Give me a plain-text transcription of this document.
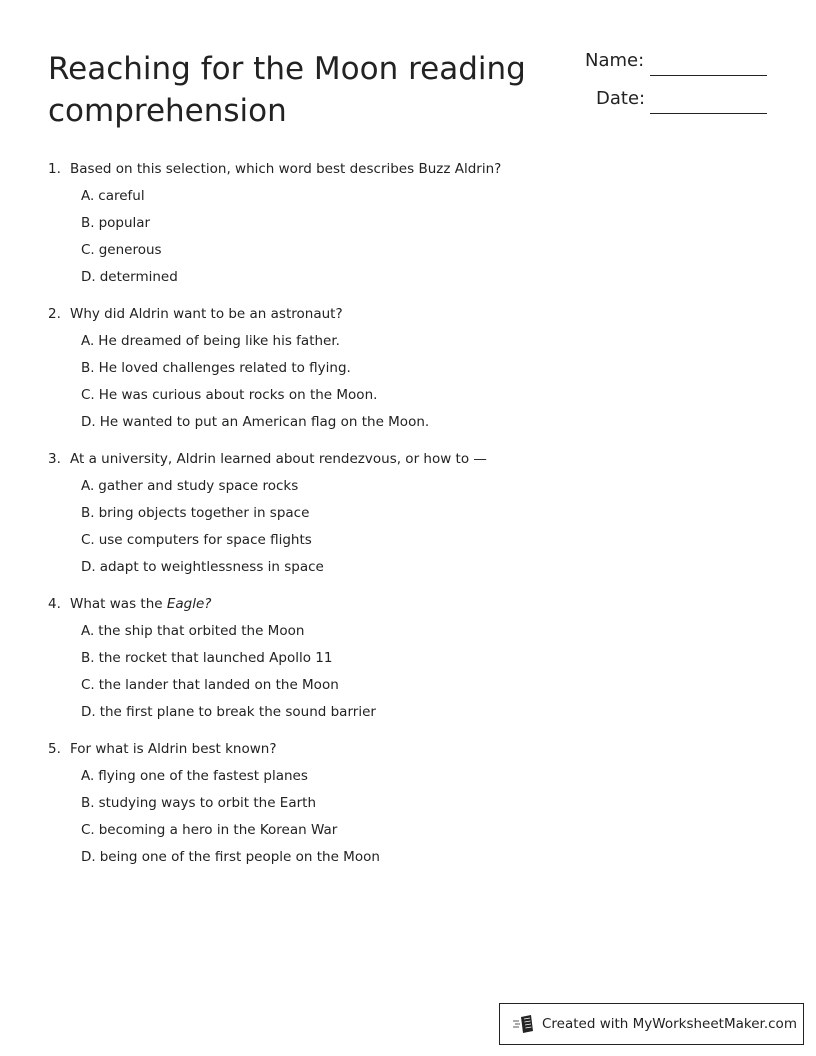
Reaching for the Moon reading comprehension
Name:
Date:
1. Based on this selection, which word best describes Buzz Aldrin?
A. careful
B. popular
C. generous
D. determined
2. Why did Aldrin want to be an astronaut?
A. He dreamed of being like his father.
B. He loved challenges related to flying.
C. He was curious about rocks on the Moon.
D. He wanted to put an American flag on the Moon.
3. At a university, Aldrin learned about rendezvous, or how to —
A. gather and study space rocks
B. bring objects together in space
C. use computers for space flights
D. adapt to weightlessness in space
4. What was the Eagle?
A. the ship that orbited the Moon
B. the rocket that launched Apollo 11
C. the lander that landed on the Moon
D. the first plane to break the sound barrier
5. For what is Aldrin best known?
A. flying one of the fastest planes
B. studying ways to orbit the Earth
C. becoming a hero in the Korean War
D. being one of the first people on the Moon
Created with MyWorksheetMaker.com
